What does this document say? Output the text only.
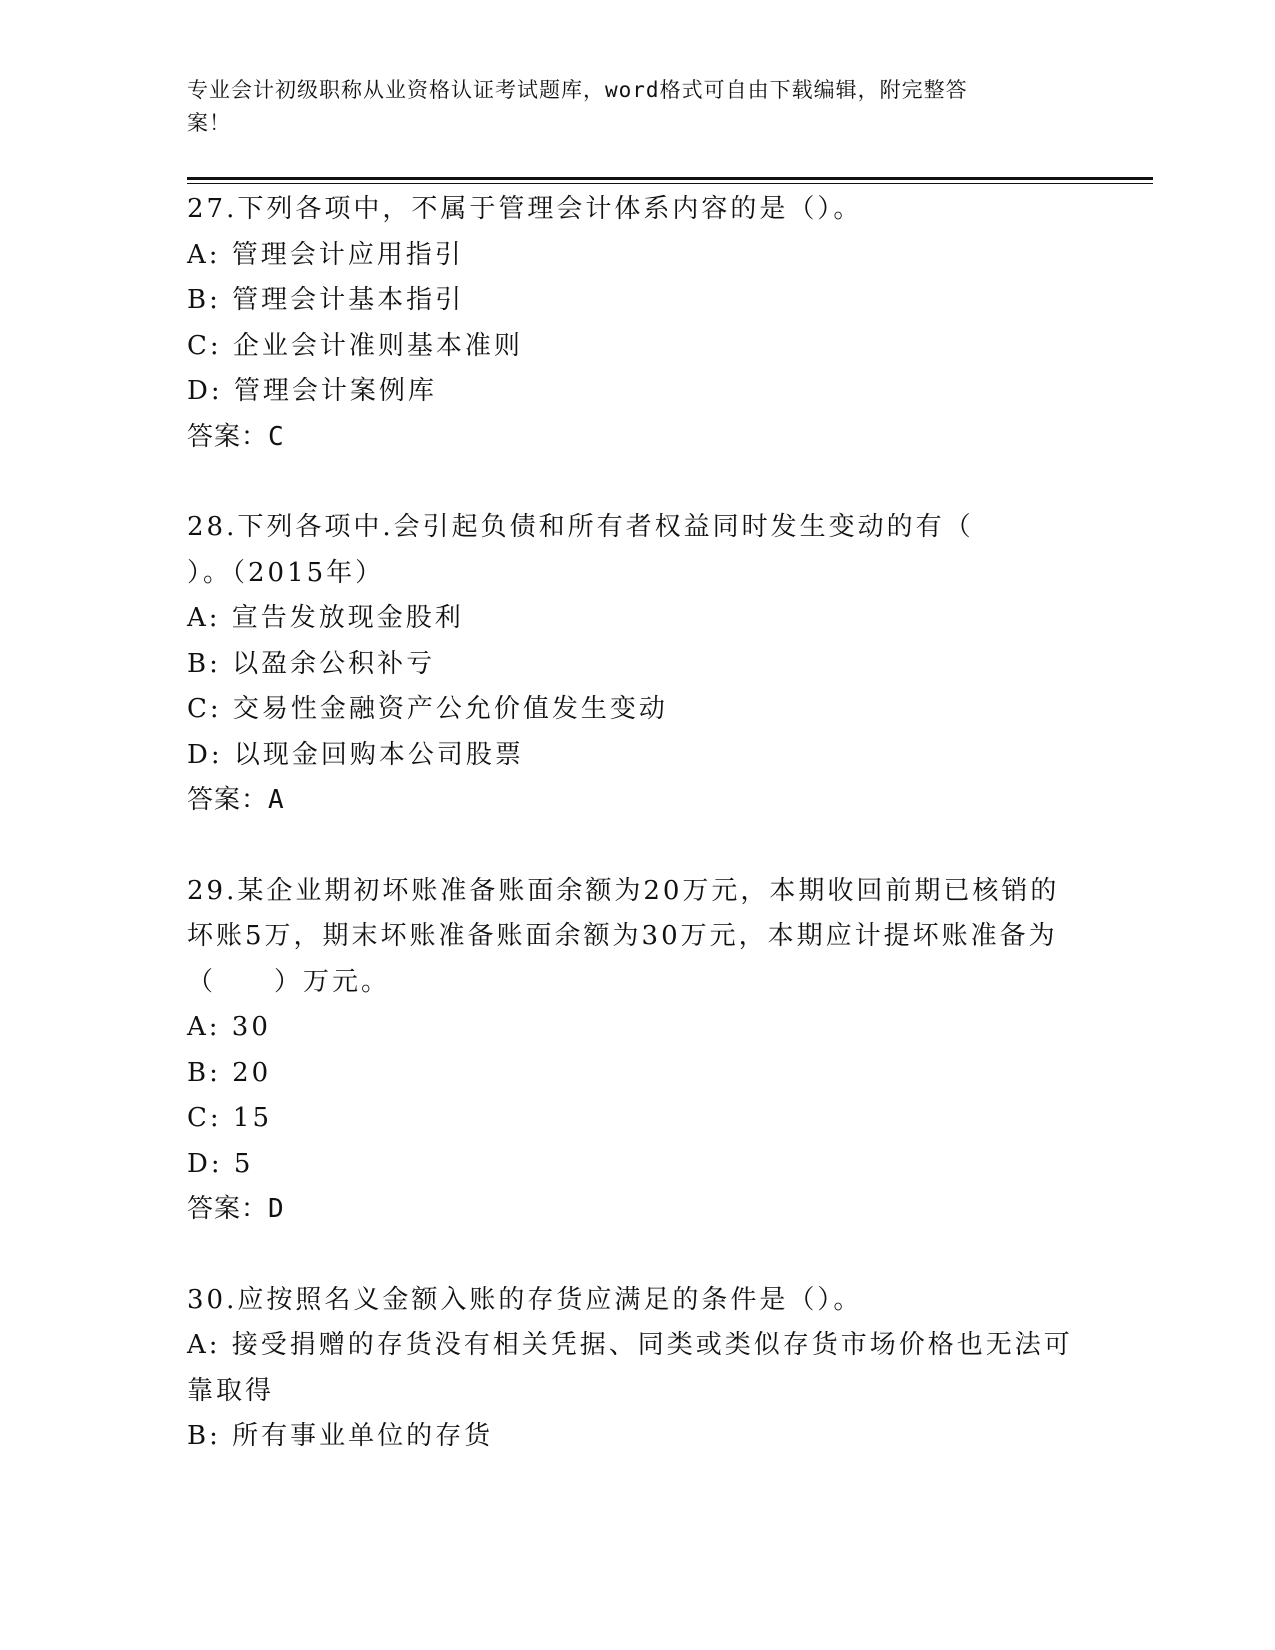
专业会计初级职称从业资格认证考试题库，word格式可自由下载编辑，附完整答
案！
27.下列各项中，不属于管理会计体系内容的是（）。
A: 管理会计应用指引
B: 管理会计基本指引
C: 企业会计准则基本准则
D: 管理会计案例库
答案：C
28.下列各项中.会引起负债和所有者权益同时发生变动的有（
）。（2015年）
A: 宣告发放现金股利
B: 以盈余公积补亏
C: 交易性金融资产公允价值发生变动
D: 以现金回购本公司股票
答案：A
29.某企业期初坏账准备账面余额为20万元，本期收回前期已核销的
坏账5万，期末坏账准备账面余额为30万元，本期应计提坏账准备为
（　　）万元。
A: 30
B: 20
C: 15
D: 5
答案：D
30.应按照名义金额入账的存货应满足的条件是（）。
A: 接受捐赠的存货没有相关凭据、同类或类似存货市场价格也无法可
靠取得
B: 所有事业单位的存货
